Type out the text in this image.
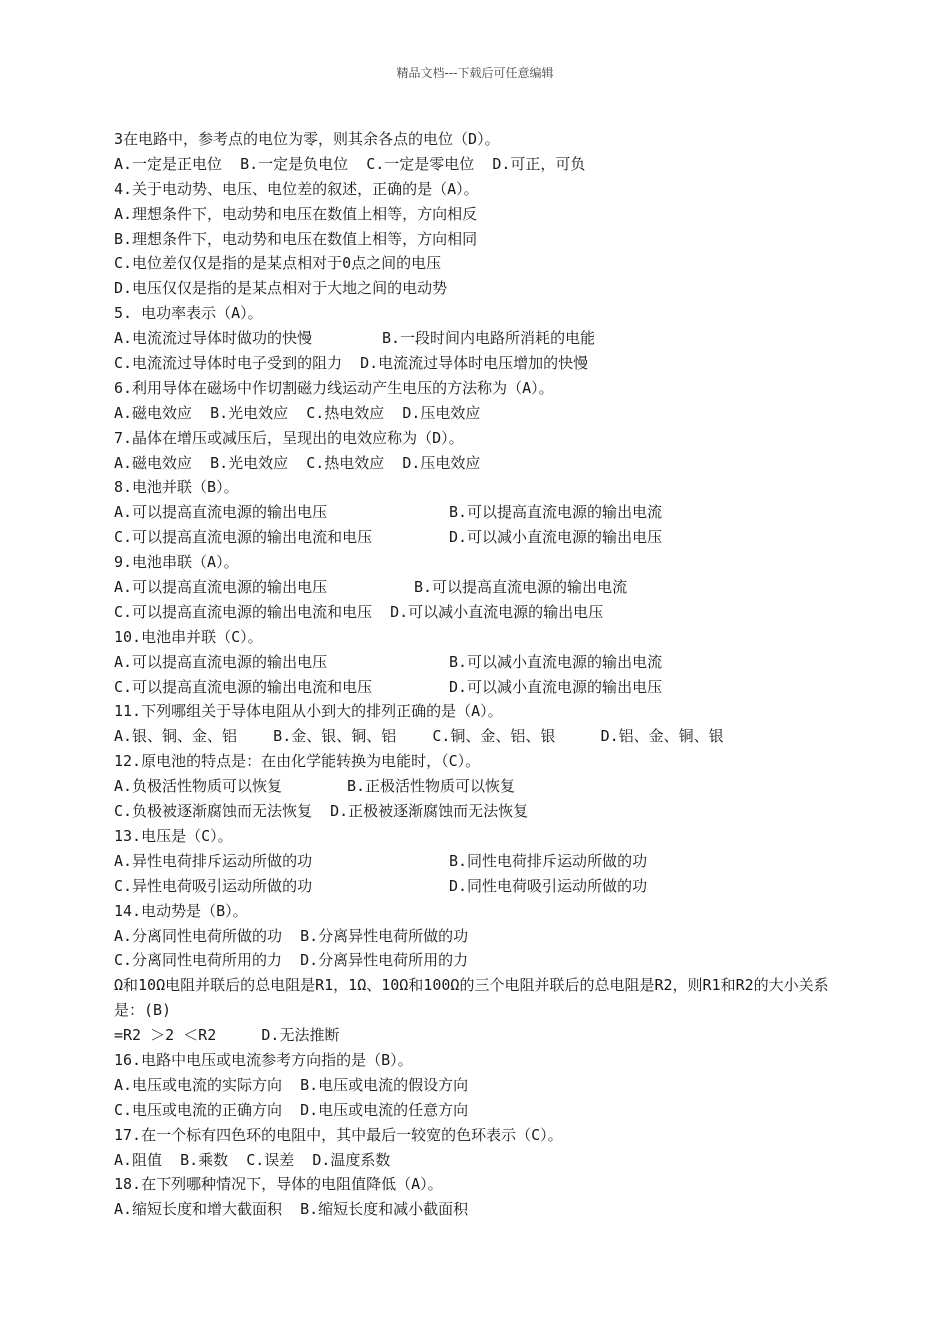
精品文档---下载后可任意编辑
3在电路中，参考点的电位为零，则其余各点的电位（D）。
A.一定是正电位  B.一定是负电位  C.一定是零电位  D.可正，可负
4.关于电动势、电压、电位差的叙述，正确的是（A）。
A.理想条件下，电动势和电压在数值上相等，方向相反
B.理想条件下，电动势和电压在数值上相等，方向相同
C.电位差仅仅是指的是某点相对于0点之间的电压
D.电压仅仅是指的是某点相对于大地之间的电动势
5. 电功率表示（A）。
A.电流流过导体时做功的快慢	B.一段时间内电路所消耗的电能
C.电流流过导体时电子受到的阻力  D.电流流过导体时电压增加的快慢
6.利用导体在磁场中作切割磁力线运动产生电压的方法称为（A）。
A.磁电效应  B.光电效应  C.热电效应  D.压电效应
7.晶体在增压或减压后，呈现出的电效应称为（D）。
A.磁电效应  B.光电效应  C.热电效应  D.压电效应
8.电池并联（B）。
A.可以提高直流电源的输出电压	B.可以提高直流电源的输出电流
C.可以提高直流电源的输出电流和电压	D.可以减小直流电源的输出电压
9.电池串联（A）。
A.可以提高直流电源的输出电压	B.可以提高直流电源的输出电流
C.可以提高直流电源的输出电流和电压  D.可以减小直流电源的输出电压
10.电池串并联（C）。
A.可以提高直流电源的输出电压	B.可以减小直流电源的输出电流
C.可以提高直流电源的输出电流和电压	D.可以减小直流电源的输出电压
11.下列哪组关于导体电阻从小到大的排列正确的是（A）。
A.银、铜、金、铝    B.金、银、铜、铝    C.铜、金、铝、银     D.铝、金、铜、银
12.原电池的特点是：在由化学能转换为电能时，（C）。
A.负极活性物质可以恢复	B.正极活性物质可以恢复
C.负极被逐渐腐蚀而无法恢复  D.正极被逐渐腐蚀而无法恢复
13.电压是（C）。
A.异性电荷排斥运动所做的功	B.同性电荷排斥运动所做的功
C.异性电荷吸引运动所做的功	D.同性电荷吸引运动所做的功
14.电动势是（B）。
A.分离同性电荷所做的功  B.分离异性电荷所做的功
C.分离同性电荷所用的力  D.分离异性电荷所用的力
Ω和10Ω电阻并联后的总电阻是R1，1Ω、10Ω和100Ω的三个电阻并联后的总电阻是R2，则R1和R2的大小关系是：(B)
=R2 ＞2 ＜R2     D.无法推断
16.电路中电压或电流参考方向指的是（B）。
A.电压或电流的实际方向  B.电压或电流的假设方向
C.电压或电流的正确方向  D.电压或电流的任意方向
17.在一个标有四色环的电阻中，其中最后一较宽的色环表示（C）。
A.阻值  B.乘数  C.误差  D.温度系数
18.在下列哪种情况下，导体的电阻值降低（A）。
A.缩短长度和增大截面积  B.缩短长度和减小截面积
